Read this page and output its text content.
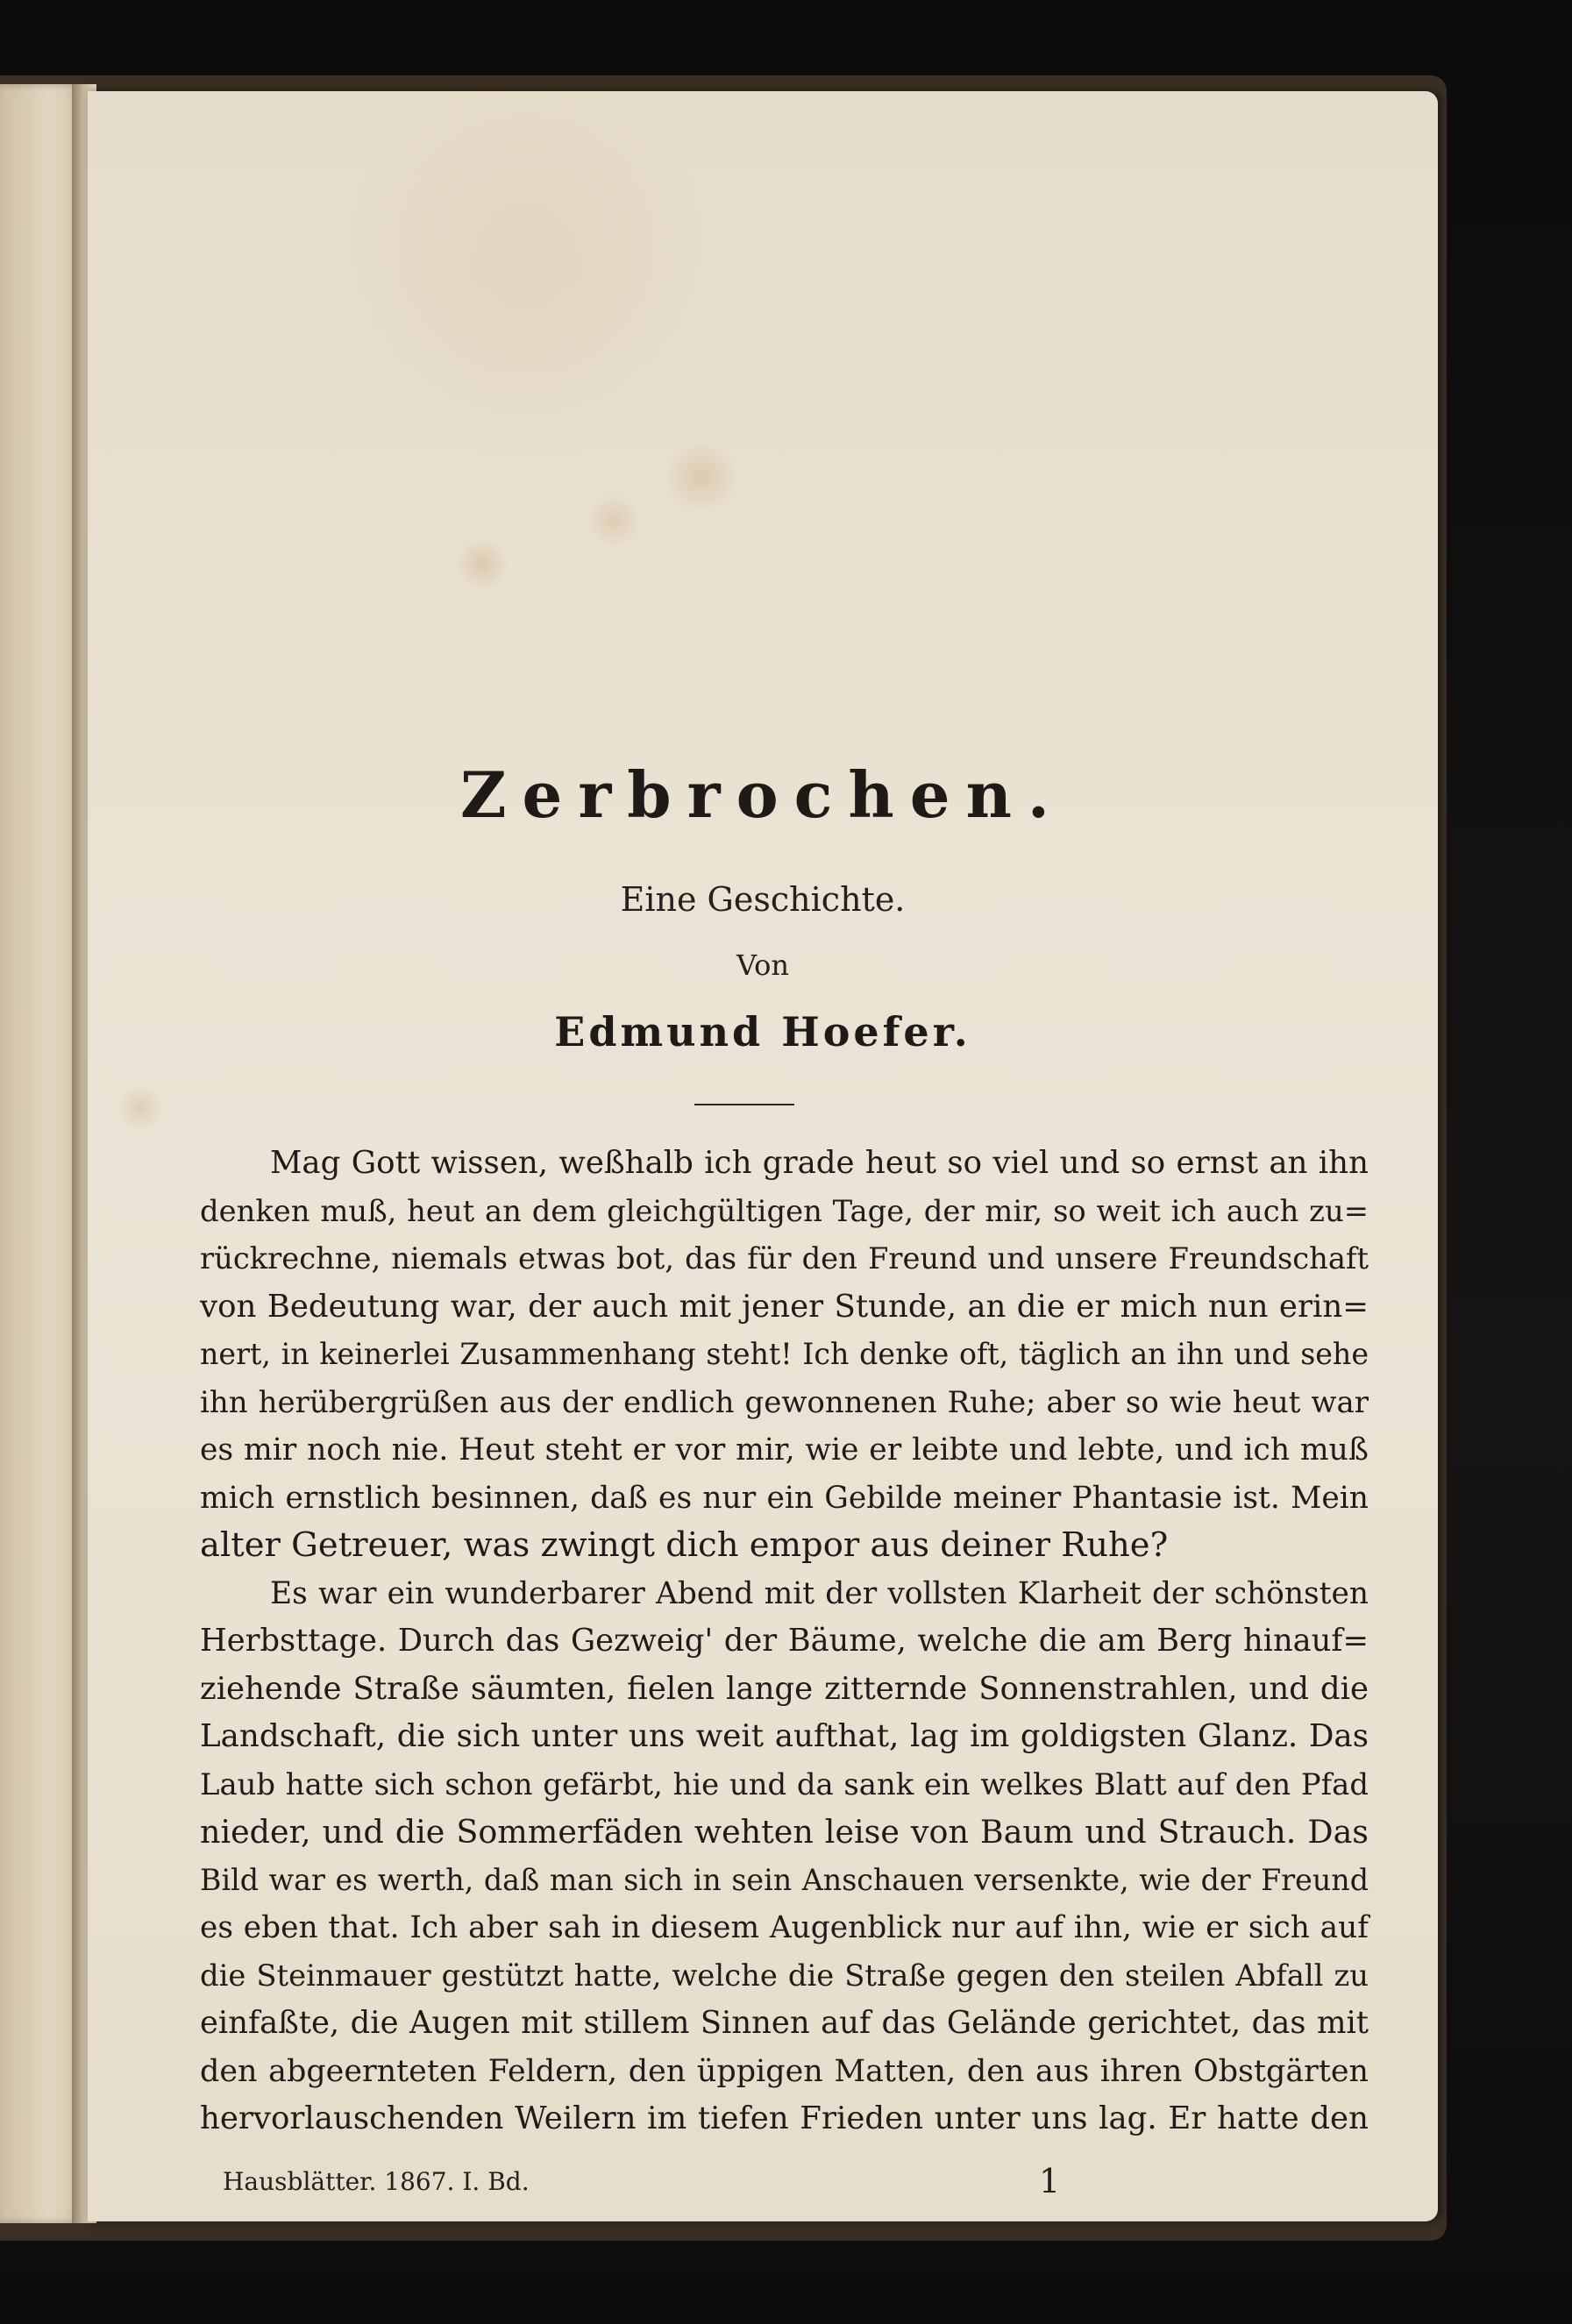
Zerbrochen.
Eine Geschichte.
Von
Edmund Hoefer.
Mag Gott wissen, weßhalb ich grade heut so viel und so ernst an ihn
denken muß, heut an dem gleichgültigen Tage, der mir, so weit ich auch zu=
rückrechne, niemals etwas bot, das für den Freund und unsere Freundschaft
von Bedeutung war, der auch mit jener Stunde, an die er mich nun erin=
nert, in keinerlei Zusammenhang steht! Ich denke oft, täglich an ihn und sehe
ihn herübergrüßen aus der endlich gewonnenen Ruhe; aber so wie heut war
es mir noch nie. Heut steht er vor mir, wie er leibte und lebte, und ich muß
mich ernstlich besinnen, daß es nur ein Gebilde meiner Phantasie ist. Mein
alter Getreuer, was zwingt dich empor aus deiner Ruhe?
Es war ein wunderbarer Abend mit der vollsten Klarheit der schönsten
Herbsttage. Durch das Gezweig' der Bäume, welche die am Berg hinauf=
ziehende Straße säumten, fielen lange zitternde Sonnenstrahlen, und die
Landschaft, die sich unter uns weit aufthat, lag im goldigsten Glanz. Das
Laub hatte sich schon gefärbt, hie und da sank ein welkes Blatt auf den Pfad
nieder, und die Sommerfäden wehten leise von Baum und Strauch. Das
Bild war es werth, daß man sich in sein Anschauen versenkte, wie der Freund
es eben that. Ich aber sah in diesem Augenblick nur auf ihn, wie er sich auf
die Steinmauer gestützt hatte, welche die Straße gegen den steilen Abfall zu
einfaßte, die Augen mit stillem Sinnen auf das Gelände gerichtet, das mit
den abgeernteten Feldern, den üppigen Matten, den aus ihren Obstgärten
hervorlauschenden Weilern im tiefen Frieden unter uns lag. Er hatte den
Hausblätter. 1867. I. Bd.	1
